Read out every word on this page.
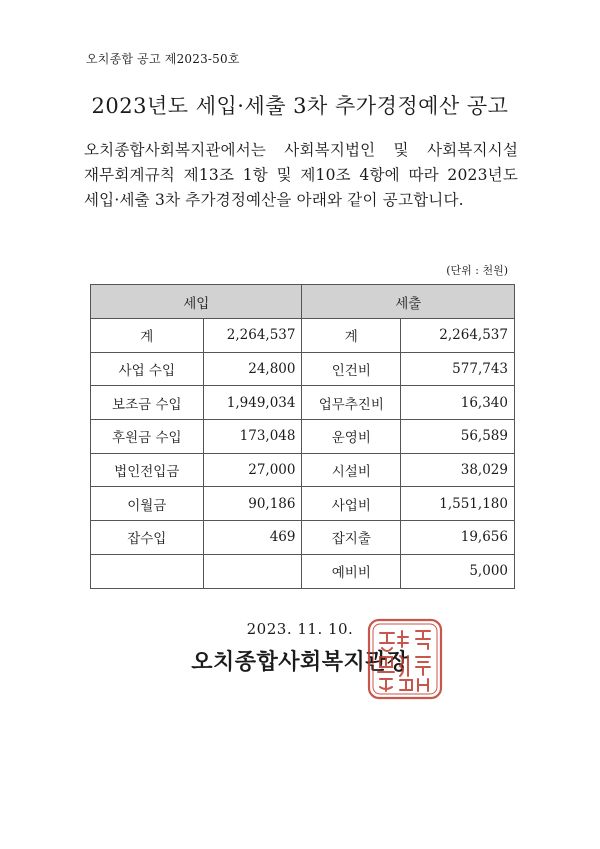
오치종합 공고 제2023-50호
2023년도 세입·세출 3차 추가경정예산 공고
오치종합사회복지관에서는 사회복지법인 및 사회복지시설 재무회계규칙 제13조 1항 및 제10조 4항에 따라 2023년도 세입·세출 3차 추가경정예산을 아래와 같이 공고합니다.
(단위 : 천원)
세입		세출	
계	2,264,537	계	2,264,537
사업 수입	24,800	인건비	577,743
보조금 수입	1,949,034	업무추진비	16,340
후원금 수입	173,048	운영비	56,589
법인전입금	27,000	시설비	38,029
이월금	90,186	사업비	1,551,180
잡수입	469	잡지출	19,656
		예비비	5,000
2023. 11. 10.
오치종합사회복지관장
